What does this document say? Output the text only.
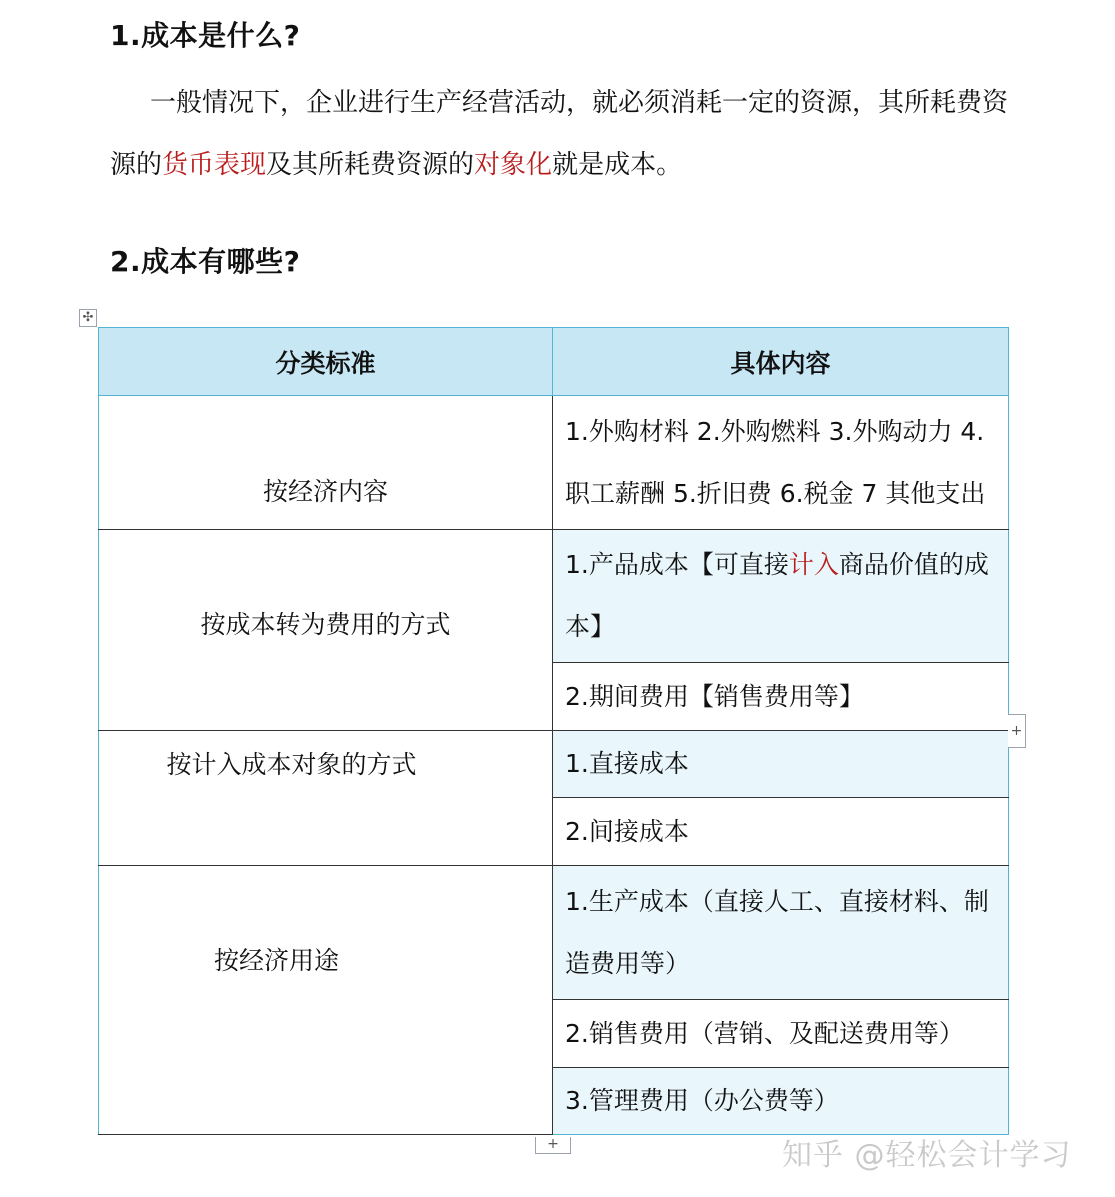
1.成本是什么?
一般情况下，企业进行生产经营活动，就必须消耗一定的资源，其所耗费资源的货币表现及其所耗费资源的对象化就是成本。
2.成本有哪些?
✣
分类标准	具体内容
按经济内容	1.外购材料 2.外购燃料 3.外购动力 4.职工薪酬 5.折旧费 6.税金 7 其他支出
按成本转为费用的方式	1.产品成本【可直接计入商品价值的成本】
	2.期间费用【销售费用等】
按计入成本对象的方式	1.直接成本
	2.间接成本
按经济用途	1.生产成本（直接人工、直接材料、制造费用等）
	2.销售费用（营销、及配送费用等）
	3.管理费用（办公费等）
+
+	知乎 @轻松会计学习
